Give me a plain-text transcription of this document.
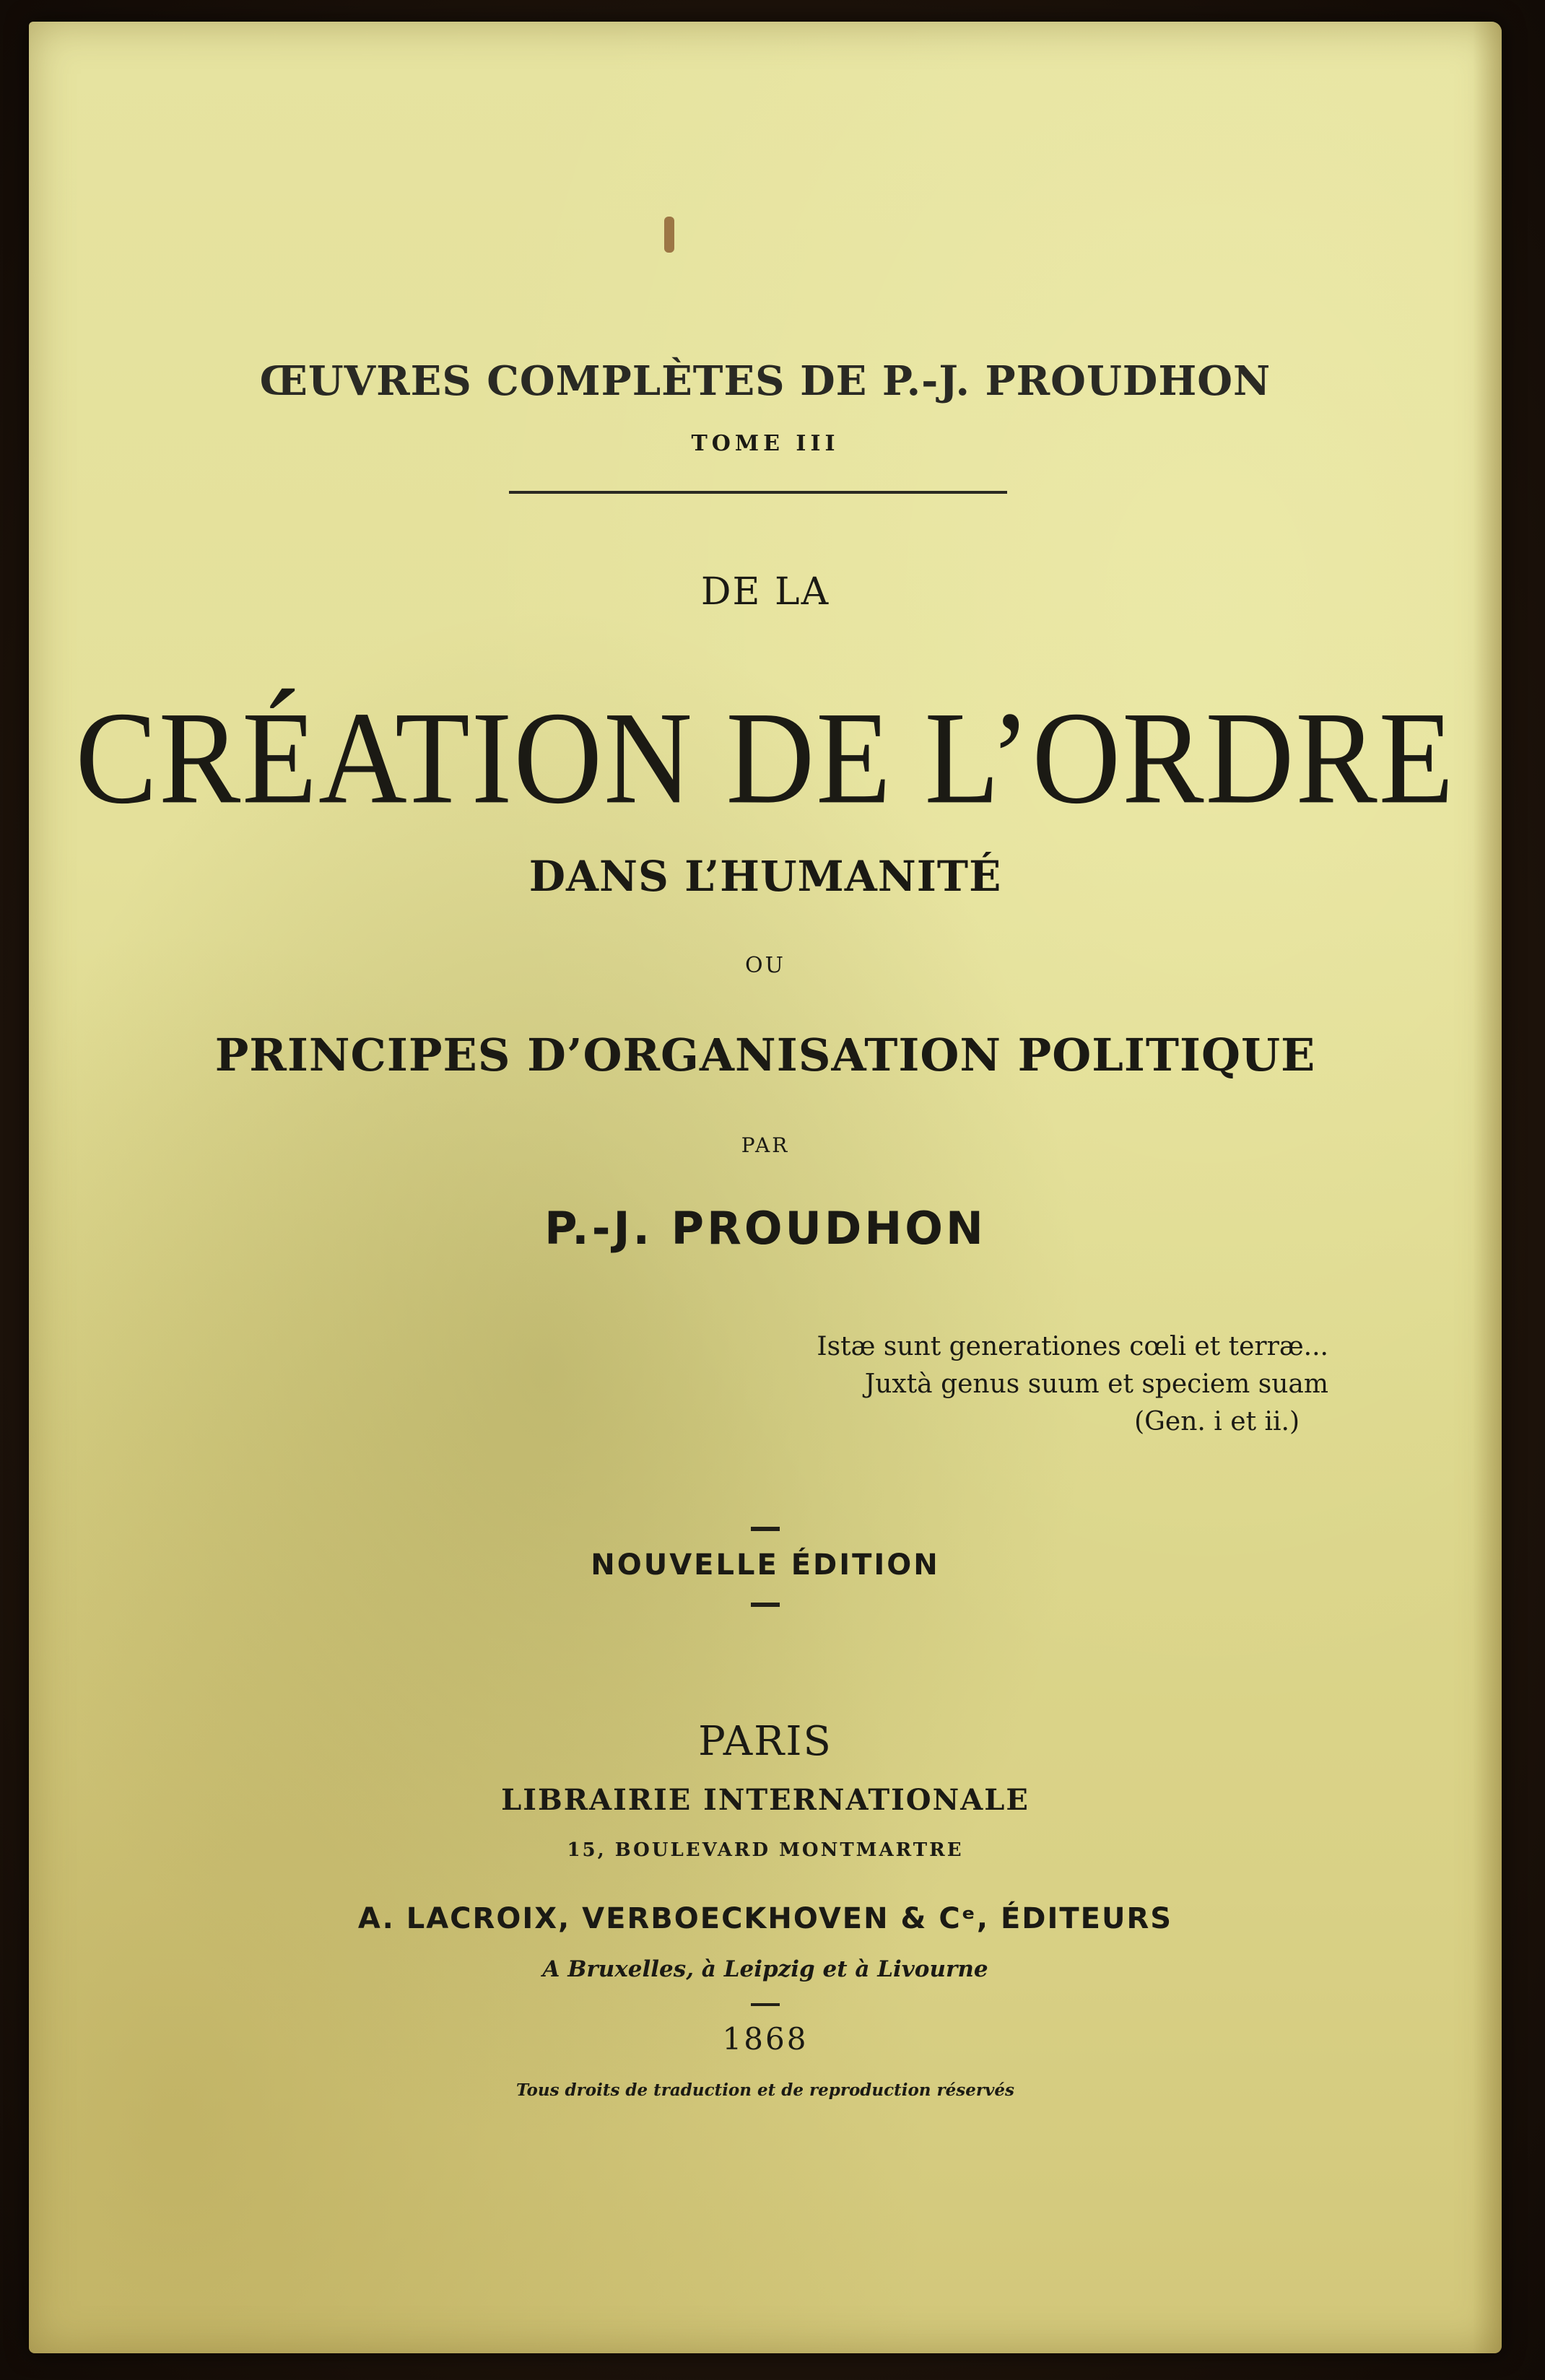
ŒUVRES COMPLÈTES DE P.-J. PROUDHON
TOME III
DE LA
CRÉATION DE L’ORDRE
DANS L’HUMANITÉ
OU
PRINCIPES D’ORGANISATION POLITIQUE
PAR
P.-J. PROUDHON
Istæ sunt generationes cœli et terræ...
Juxtà genus suum et speciem suam
(Gen. i et ii.)
NOUVELLE ÉDITION
PARIS
LIBRAIRIE INTERNATIONALE
15, BOULEVARD MONTMARTRE
A. LACROIX, VERBOECKHOVEN & Cᵉ, ÉDITEURS
A Bruxelles, à Leipzig et à Livourne
1868
Tous droits de traduction et de reproduction réservés
